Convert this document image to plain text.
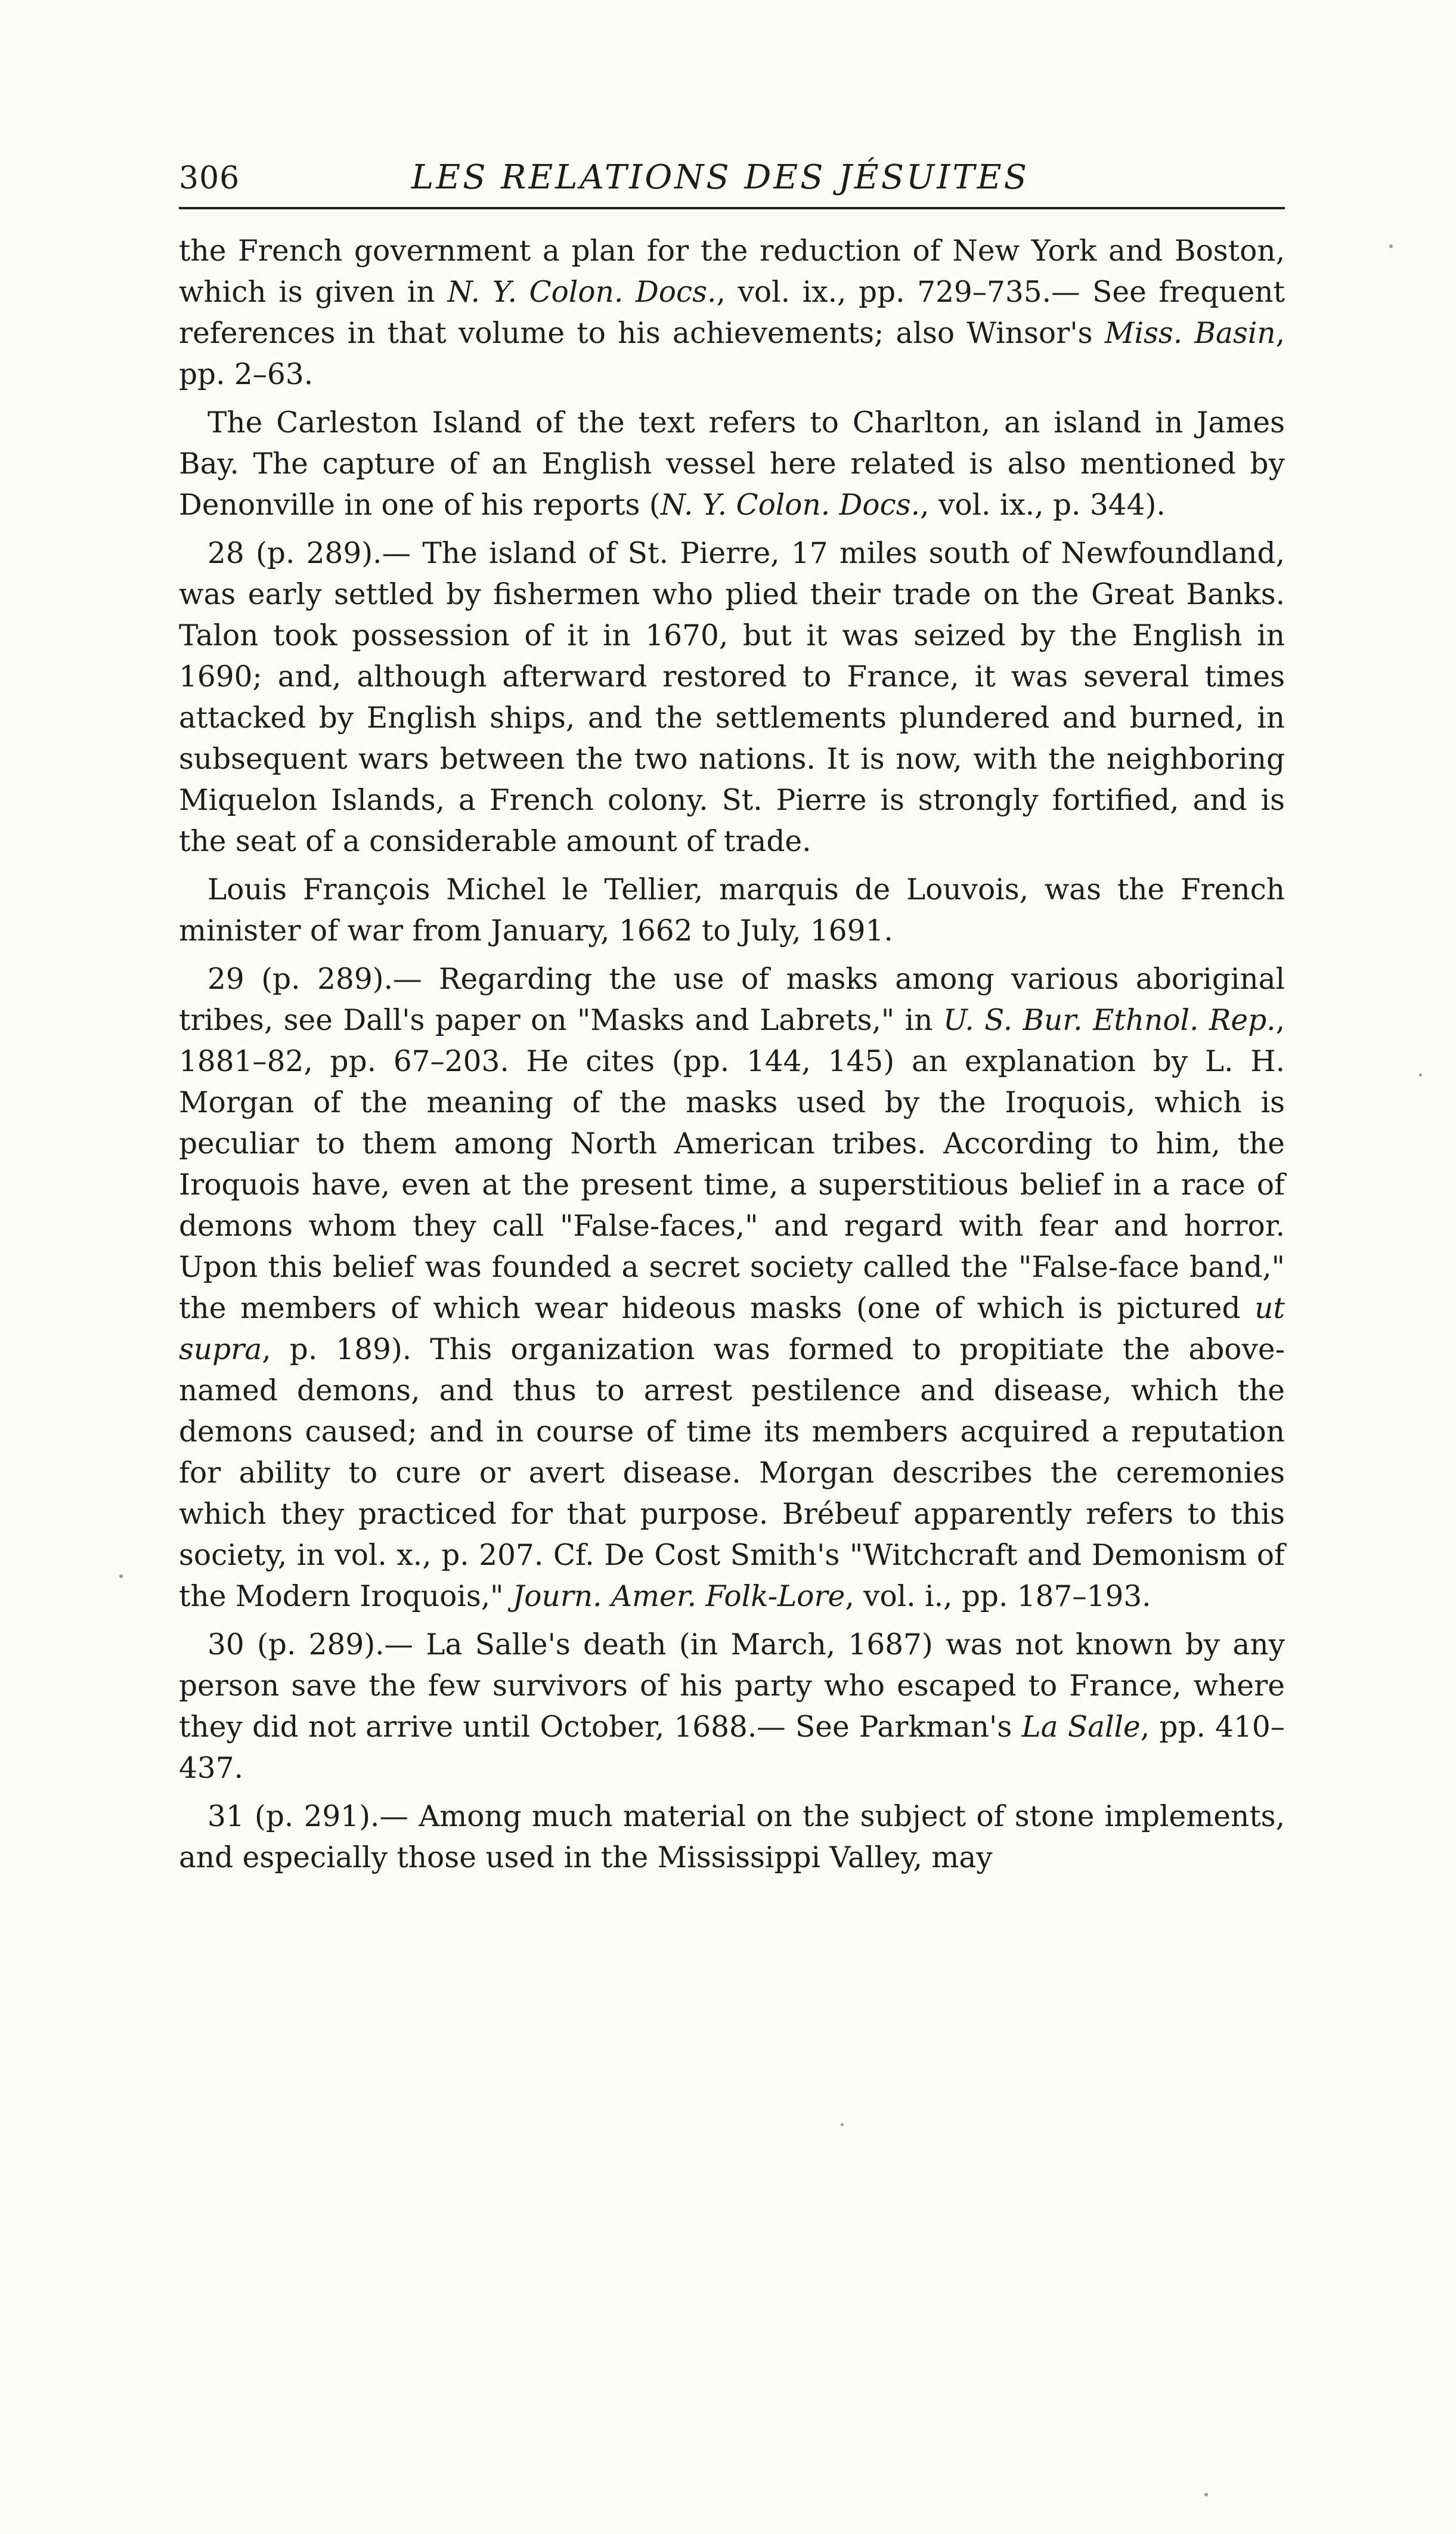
306	LES RELATIONS DES JÉSUITES

the French government a plan for the reduction of New York and Boston, which is given in N. Y. Colon. Docs., vol. ix., pp. 729–735.— See frequent references in that volume to his achievements; also Winsor's Miss. Basin, pp. 2–63.

The Carleston Island of the text refers to Charlton, an island in James Bay. The capture of an English vessel here related is also mentioned by Denonville in one of his reports (N. Y. Colon. Docs., vol. ix., p. 344).

28 (p. 289).— The island of St. Pierre, 17 miles south of Newfoundland, was early settled by fishermen who plied their trade on the Great Banks. Talon took possession of it in 1670, but it was seized by the English in 1690; and, although afterward restored to France, it was several times attacked by English ships, and the settlements plundered and burned, in subsequent wars between the two nations. It is now, with the neighboring Miquelon Islands, a French colony. St. Pierre is strongly fortified, and is the seat of a considerable amount of trade.

Louis François Michel le Tellier, marquis de Louvois, was the French minister of war from January, 1662 to July, 1691.

29 (p. 289).— Regarding the use of masks among various aboriginal tribes, see Dall's paper on "Masks and Labrets," in U. S. Bur. Ethnol. Rep., 1881–82, pp. 67–203. He cites (pp. 144, 145) an explanation by L. H. Morgan of the meaning of the masks used by the Iroquois, which is peculiar to them among North American tribes. According to him, the Iroquois have, even at the present time, a superstitious belief in a race of demons whom they call "False-faces," and regard with fear and horror. Upon this belief was founded a secret society called the "False-face band," the members of which wear hideous masks (one of which is pictured ut supra, p. 189). This organization was formed to propitiate the above-named demons, and thus to arrest pestilence and disease, which the demons caused; and in course of time its members acquired a reputation for ability to cure or avert disease. Morgan describes the ceremonies which they practiced for that purpose. Brébeuf apparently refers to this society, in vol. x., p. 207. Cf. De Cost Smith's "Witchcraft and Demonism of the Modern Iroquois," Journ. Amer. Folk-Lore, vol. i., pp. 187–193.

30 (p. 289).— La Salle's death (in March, 1687) was not known by any person save the few survivors of his party who escaped to France, where they did not arrive until October, 1688.— See Parkman's La Salle, pp. 410–437.

31 (p. 291).— Among much material on the subject of stone implements, and especially those used in the Mississippi Valley, may
